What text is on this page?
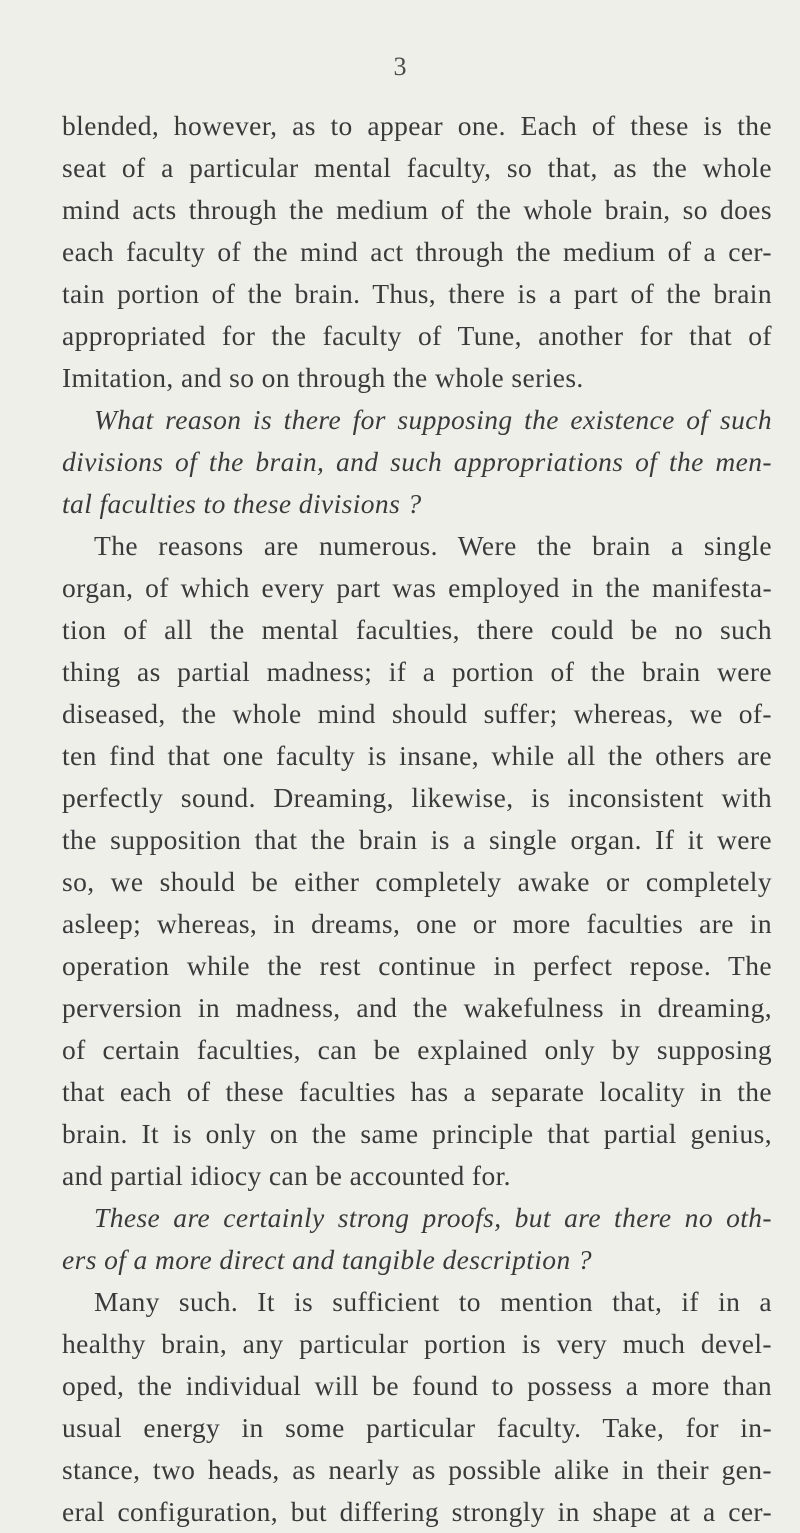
3
blended, however, as to appear one. Each of these is the
seat of a particular mental faculty, so that, as the whole
mind acts through the medium of the whole brain, so does
each faculty of the mind act through the medium of a cer-
tain portion of the brain. Thus, there is a part of the brain
appropriated for the faculty of Tune, another for that of
Imitation, and so on through the whole series.
What reason is there for supposing the existence of such
divisions of the brain, and such appropriations of the men-
tal faculties to these divisions ?
The reasons are numerous. Were the brain a single
organ, of which every part was employed in the manifesta-
tion of all the mental faculties, there could be no such
thing as partial madness; if a portion of the brain were
diseased, the whole mind should suffer; whereas, we of-
ten find that one faculty is insane, while all the others are
perfectly sound. Dreaming, likewise, is inconsistent with
the supposition that the brain is a single organ. If it were
so, we should be either completely awake or completely
asleep; whereas, in dreams, one or more faculties are in
operation while the rest continue in perfect repose. The
perversion in madness, and the wakefulness in dreaming,
of certain faculties, can be explained only by supposing
that each of these faculties has a separate locality in the
brain. It is only on the same principle that partial genius,
and partial idiocy can be accounted for.
These are certainly strong proofs, but are there no oth-
ers of a more direct and tangible description ?
Many such. It is sufficient to mention that, if in a
healthy brain, any particular portion is very much devel-
oped, the individual will be found to possess a more than
usual energy in some particular faculty. Take, for in-
stance, two heads, as nearly as possible alike in their gen-
eral configuration, but differing strongly in shape at a cer-
